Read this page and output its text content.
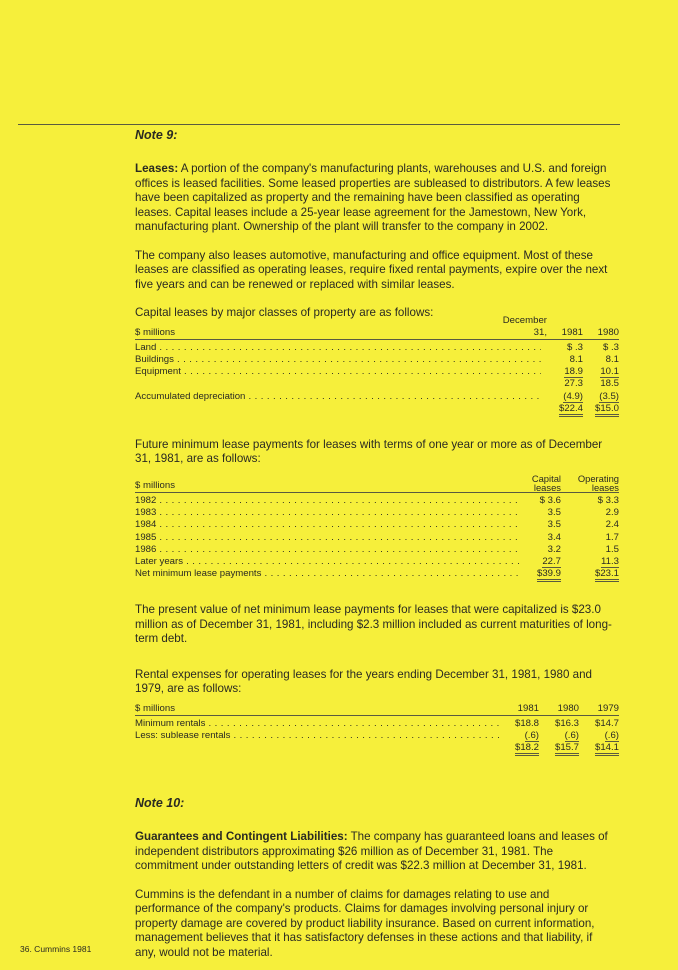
Note 9:

Leases: A portion of the company's manufacturing plants, warehouses and U.S. and foreign offices is leased facilities. Some leased properties are subleased to distributors. A few leases have been capitalized as property and the remaining have been classified as operating leases. Capital leases include a 25-year lease agreement for the Jamestown, New York, manufacturing plant. Ownership of the plant will transfer to the company in 2002.

The company also leases automotive, manufacturing and office equipment. Most of these leases are classified as operating leases, require fixed rental payments, expire over the next five years and can be renewed or replaced with similar leases.

Capital leases by major classes of property are as follows:

$ millions
December 31,	1981	1980
Land . . .	$ .3	$ .3
Buildings . . .	8.1	8.1
Equipment . . .	18.9	10.1
27.3	18.5
Accumulated depreciation . . .	(4.9)	(3.5)
$22.4	$15.0

Future minimum lease payments for leases with terms of one year or more as of December 31, 1981, are as follows:

$ millions
Capital
leases
Operating
leases
1982 . . .	$ 3.6	$ 3.3
1983 . . .	3.5	2.9
1984 . . .	3.5	2.4
1985 . . .	3.4	1.7
1986 . . .	3.2	1.5
Later years . . .	22.7	11.3
Net minimum lease payments . . .	$39.9	$23.1

The present value of net minimum lease payments for leases that were capitalized is $23.0 million as of December 31, 1981, including $2.3 million included as current maturities of long-term debt.

Rental expenses for operating leases for the years ending December 31, 1981, 1980 and 1979, are as follows:

$ millions	1981	1980	1979
Minimum rentals . . .	$18.8	$16.3	$14.7
Less: sublease rentals . . .	(.6)	(.6)	(.6)
$18.2	$15.7	$14.1
Note 10:

Guarantees and Contingent Liabilities: The company has guaranteed loans and leases of independent distributors approximating $26 million as of December 31, 1981. The commitment under outstanding letters of credit was $22.3 million at December 31, 1981.

Cummins is the defendant in a number of claims for damages relating to use and performance of the company's products. Claims for damages involving personal injury or property damage are covered by product liability insurance. Based on current information, management believes that it has satisfactory defenses in these actions and that liability, if any, would not be material.

36. Cummins 1981
